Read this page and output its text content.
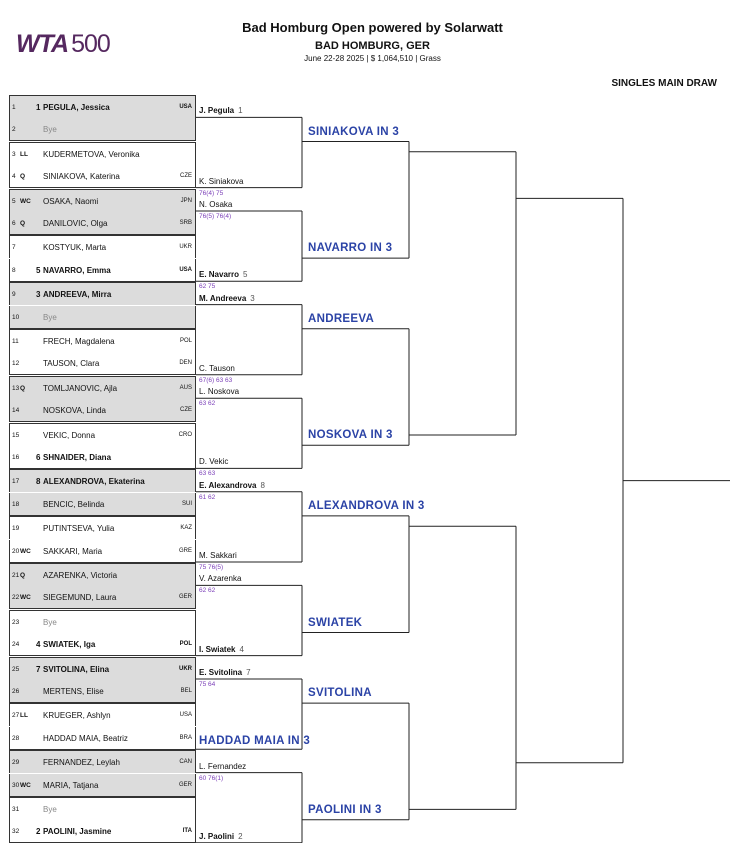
WTA 500
Bad Homburg Open powered by Solarwatt
BAD HOMBURG, GER
June 22-28 2025 | $ 1,064,510 | Grass
SINGLES MAIN DRAW
1	1 PEGULA, Jessica	USA
2	Bye
3 LL KUDERMETOVA, Veronika
4 Q SINIAKOVA, Katerina	CZE
5 WC OSAKA, Naomi	JPN
6 Q DANILOVIC, Olga	SRB
7	KOSTYUK, Marta	UKR
8	5 NAVARRO, Emma	USA
9	3 ANDREEVA, Mirra
10	Bye
11	FRECH, Magdalena	POL
12	TAUSON, Clara	DEN
13 Q TOMLJANOVIC, Ajla	AUS
14	NOSKOVA, Linda	CZE
15	VEKIC, Donna	CRO
16 6 SHNAIDER, Diana
17 8 ALEXANDROVA, Ekaterina
18	BENCIC, Belinda	SUI
19	PUTINTSEVA, Yulia	KAZ
20 WC SAKKARI, Maria	GRE
21 Q AZARENKA, Victoria
22 WC SIEGEMUND, Laura	GER
23	Bye
24 4 SWIATEK, Iga	POL
25 7 SVITOLINA, Elina	UKR
26	MERTENS, Elise	BEL
27 LL KRUEGER, Ashlyn	USA
28	HADDAD MAIA, Beatriz	BRA
29	FERNANDEZ, Leylah	CAN
30 WC MARIA, Tatjana	GER
31	Bye
32 2 PAOLINI, Jasmine	ITA
J. Pegula 1
K. Siniakova
76(4) 75
N. Osaka
76(5) 76(4)
E. Navarro 5
62 75
M. Andreeva 3
C. Tauson
67(6) 63 63
L. Noskova
63 62
D. Vekic
63 63
E. Alexandrova 8
61 62
M. Sakkari
75 76(5)
V. Azarenka
62 62
I. Swiatek 4
E. Svitolina 7
75 64
HADDAD MAIA IN 3
L. Fernandez
60 76(1)
J. Paolini 2
SINIAKOVA IN 3
NAVARRO IN 3
ANDREEVA
NOSKOVA IN 3
ALEXANDROVA IN 3
SWIATEK
SVITOLINA
PAOLINI IN 3
